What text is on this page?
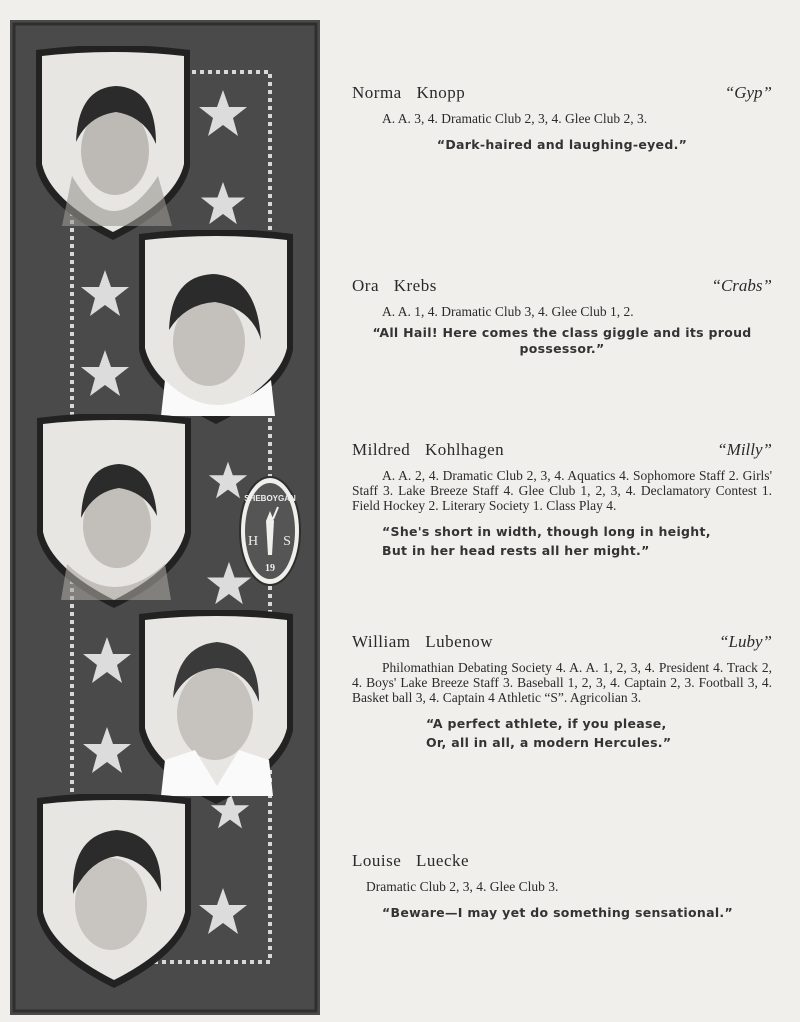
SHEBOYGAN
H S
19
Norma Knopp	“Gyp”
A. A. 3, 4. Dramatic Club 2, 3, 4. Glee Club 2, 3.
“Dark-haired and laughing-eyed.”
Ora Krebs	“Crabs”
A. A. 1, 4. Dramatic Club 3, 4. Glee Club 1, 2.
“All Hail! Here comes the class giggle and its proud possessor.”
Mildred Kohlhagen	“Milly”
A. A. 2, 4. Dramatic Club 2, 3, 4. Aquatics 4. Sophomore Staff 2. Girls' Staff 3. Lake Breeze Staff 4. Glee Club 1, 2, 3, 4. Declamatory Contest 1. Field Hockey 2. Literary Society 1. Class Play 4.
“She's short in width, though long in height,
But in her head rests all her might.”
William Lubenow	“Luby”
Philomathian Debating Society 4. A. A. 1, 2, 3, 4. President 4. Track 2, 4. Boys' Lake Breeze Staff 3. Baseball 1, 2, 3, 4. Captain 2, 3. Football 3, 4. Basket ball 3, 4. Captain 4 Athletic “S”. Agricolian 3.
“A perfect athlete, if you please,
Or, all in all, a modern Hercules.”
Louise Luecke
Dramatic Club 2, 3, 4. Glee Club 3.
“Beware—I may yet do something sensational.”
